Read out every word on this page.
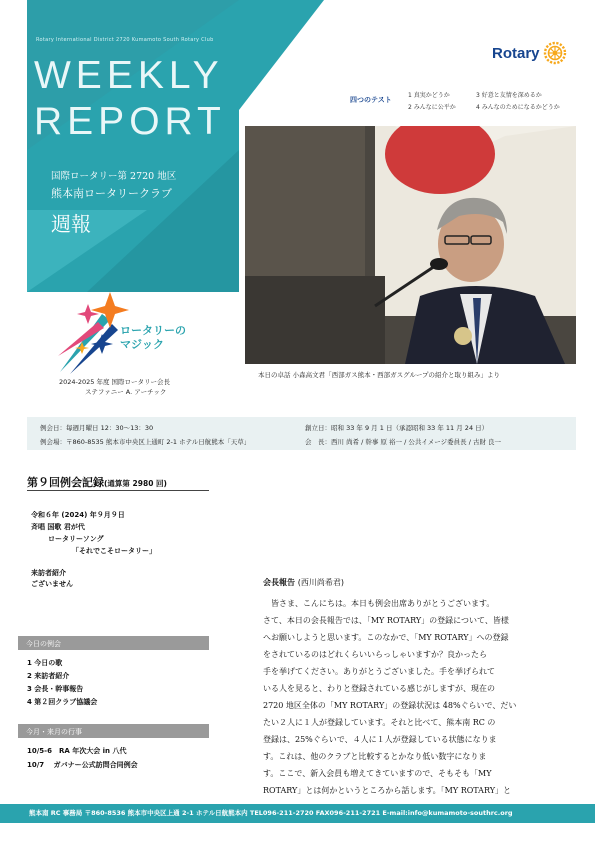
Rotary International District 2720 Kumamoto South Rotary Club
WEEKLY
REPORT
国際ロータリー第 2720 地区
熊本南ロータリークラブ
週報
Rotary
四つのテスト
1 真実かどうか	3 好意と友情を深めるか
2 みんなに公平か	4 みんなのためになるかどうか
本日の卓話 小森高文君「西部ガス熊本・西部ガスグループの紹介と取り組み」より
ロータリーの
マジック
2024-2025 年度 国際ロータリー会長
ステファニー A. アーチック
例会日：毎週月曜日 12：30〜13：30
例会場：〒860-8535 熊本市中央区上通町 2-1 ホテル日航熊本「天草」
創立日：昭和 33 年 9 月 1 日（承認昭和 33 年 11 月 24 日）
会　長：西川 尚希 / 幹事 原 裕一 / 公共イメージ委員長 / 古財 良一
第９回例会記録(通算第 2980 回)
令和６年 (2024) 年９月９日
斉唱 国歌 君が代
ロータリーソング
「それでこそロータリー」
来訪者紹介
ございません
今日の例会
1 今日の歌
2 来訪者紹介
3 会長・幹事報告
4 第２回クラブ協議会
今月・来月の行事
10/5-6　RA 年次大会 in 八代
10/7　 ガバナー公式訪問合同例会
会長報告 (西川尚希君)
　皆さま、こんにちは。本日も例会出席ありがとうございます。
さて、本日の会長報告では、「MY ROTARY」の登録について、皆様
へお願いしようと思います。このなかで、「MY ROTARY」への登録
をされているのはどれくらいいらっしゃいますか？良かったら
手を挙げてください。ありがとうございました。手を挙げられて
いる人を見ると、わりと登録されている感じがしますが、現在の
2720 地区全体の「MY ROTARY」の登録状況は 48%ぐらいで、だい
たい２人に１人が登録しています。それと比べて、熊本南 RC の
登録は、25%ぐらいで、４人に１人が登録している状態になりま
す。これは、他のクラブと比較するとかなり低い数字になりま
す。ここで、新入会員も増えてきていますので、そもそも「MY
ROTARY」とは何かというところから話します。「MY ROTARY」と
熊本南 RC 事務局 〒860-8536 熊本市中央区上通 2-1 ホテル日航熊本内 TEL096-211-2720 FAX096-211-2721 E-mail:info@kumamoto-southrc.org
